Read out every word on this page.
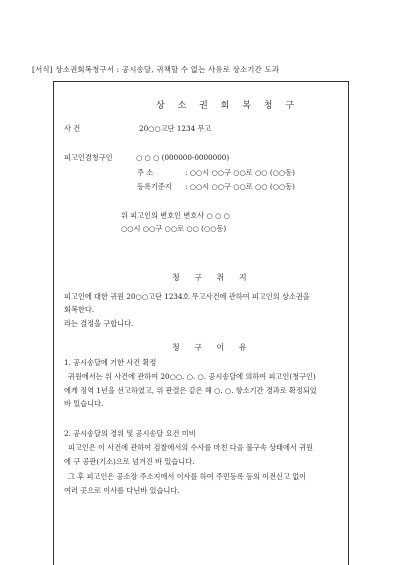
[서식] 상소권회복청구서 : 공시송달, 귀책할 수 없는 사유로 상소기간 도과
상 소 권 회 복 청 구
사 건	20○○고단 1234 무고
피고인겸청구인	○ ○ ○ (000000-0000000)
주 소	: ○○시 ○○구 ○○로 ○○ (○○동)
등록기준지 : ○○시 ○○구 ○○로 ○○ (○○동)
위 피고인의 변호인 변호사 ○ ○ ○
○○시 ○○구 ○○로 ○○ (○○동)
청 구 취 지
피고인에 대한 귀원 20○○고단 1234호 무고사건에 관하여 피고인의 상소권을
회복한다.
라는 결정을 구합니다.
청 구 이 유
1. 공시송달에 기한 사건 확정
귀원에서는 위 사건에 관하여 20○○. ○. ○. 공시송달에 의하여 피고인(청구인)
에게 징역 1년을 선고하였고, 위 판결은 같은 해 ○. ○. 항소기간 경과로 확정되었
바 있습니다.
2. 공시송달의 경위 및 공시송달 요건 미비
피고인은 이 사건에 관하여 검찰에서의 수사를 마친 다음 불구속 상태에서 귀원
에 구 공판(기소)으로 넘겨진 바 있습니다.
그 후 피고인은 공소장 주소지에서 이사를 하여 주민등록 등의 이전신고 없이
여러 곳으로 이사를 다닌바 있습니다.
